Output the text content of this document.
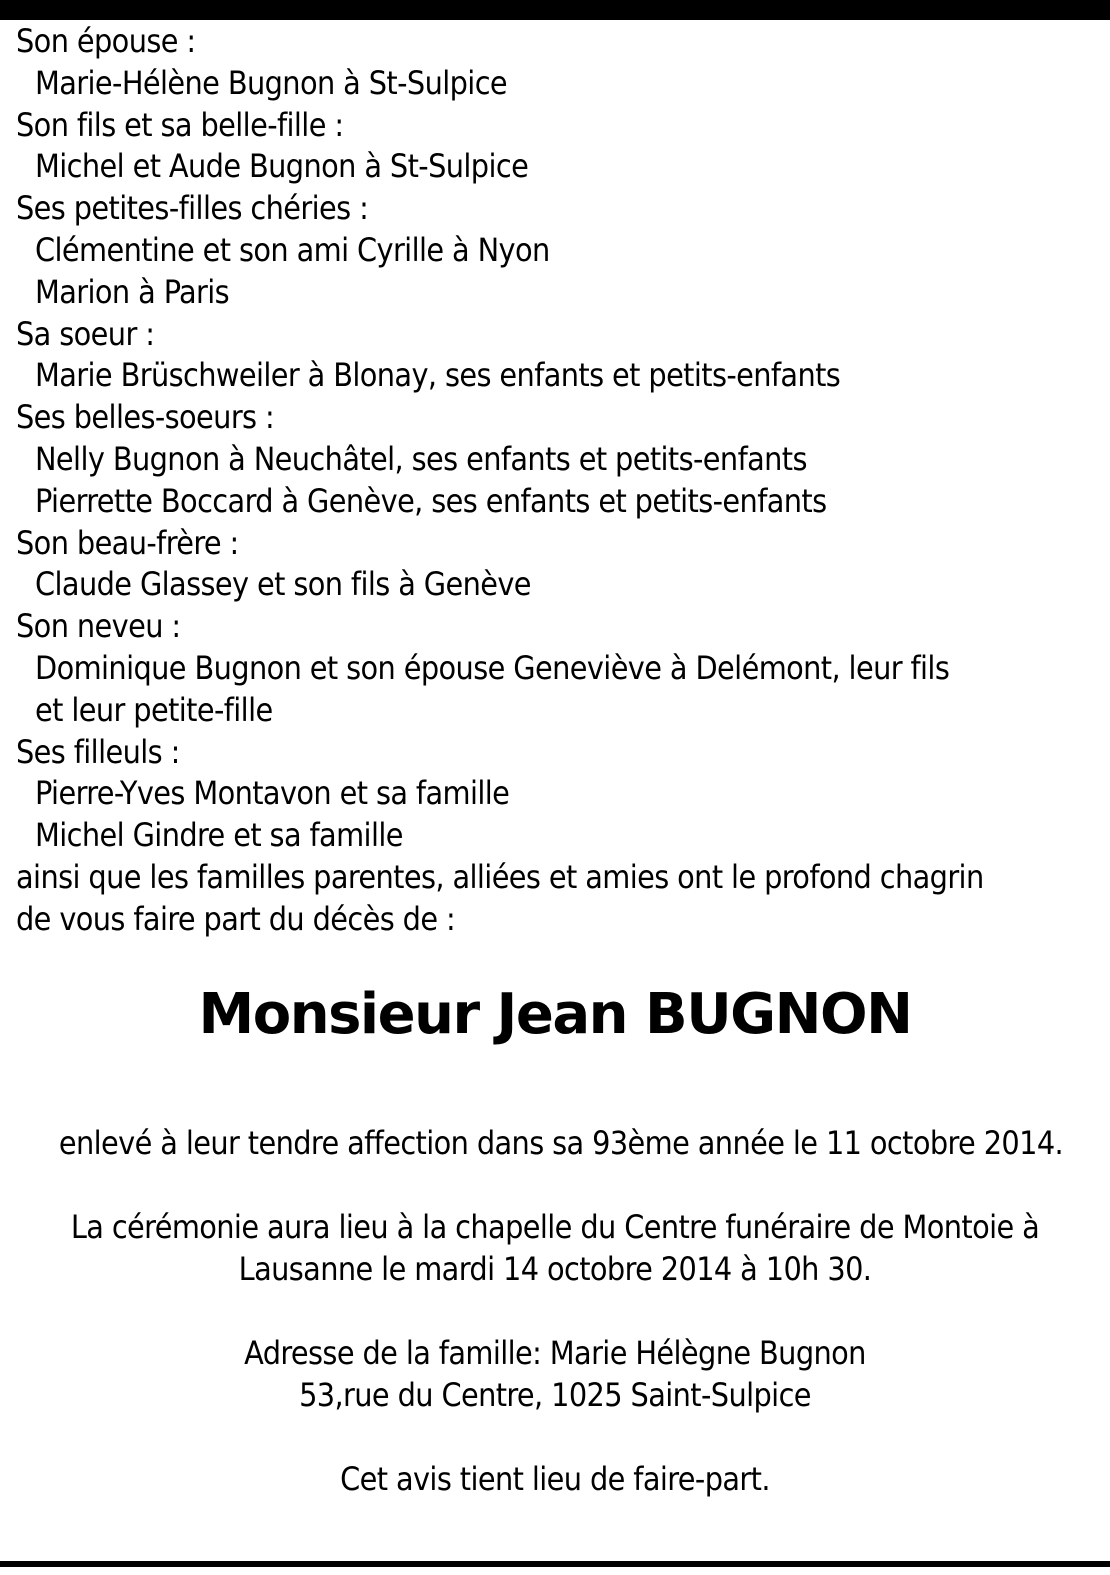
Son épouse :
Marie-Hélène Bugnon à St-Sulpice
Son fils et sa belle-fille :
Michel et Aude Bugnon à St-Sulpice
Ses petites-filles chéries :
Clémentine et son ami Cyrille à Nyon
Marion à Paris
Sa soeur :
Marie Brüschweiler à Blonay, ses enfants et petits-enfants
Ses belles-soeurs :
Nelly Bugnon à Neuchâtel, ses enfants et petits-enfants
Pierrette Boccard à Genève, ses enfants et petits-enfants
Son beau-frère :
Claude Glassey et son fils à Genève
Son neveu :
Dominique Bugnon et son épouse Geneviève à Delémont, leur fils
et leur petite-fille
Ses filleuls :
Pierre-Yves Montavon et sa famille
Michel Gindre et sa famille
ainsi que les familles parentes, alliées et amies ont le profond chagrin
de vous faire part du décès de :
Monsieur Jean BUGNON
enlevé à leur tendre affection dans sa 93ème année le 11 octobre 2014.
La cérémonie aura lieu à la chapelle du Centre funéraire de Montoie à
Lausanne le mardi 14 octobre 2014 à 10h 30.
Adresse de la famille: Marie Hélègne Bugnon
53,rue du Centre, 1025 Saint-Sulpice
Cet avis tient lieu de faire-part.
